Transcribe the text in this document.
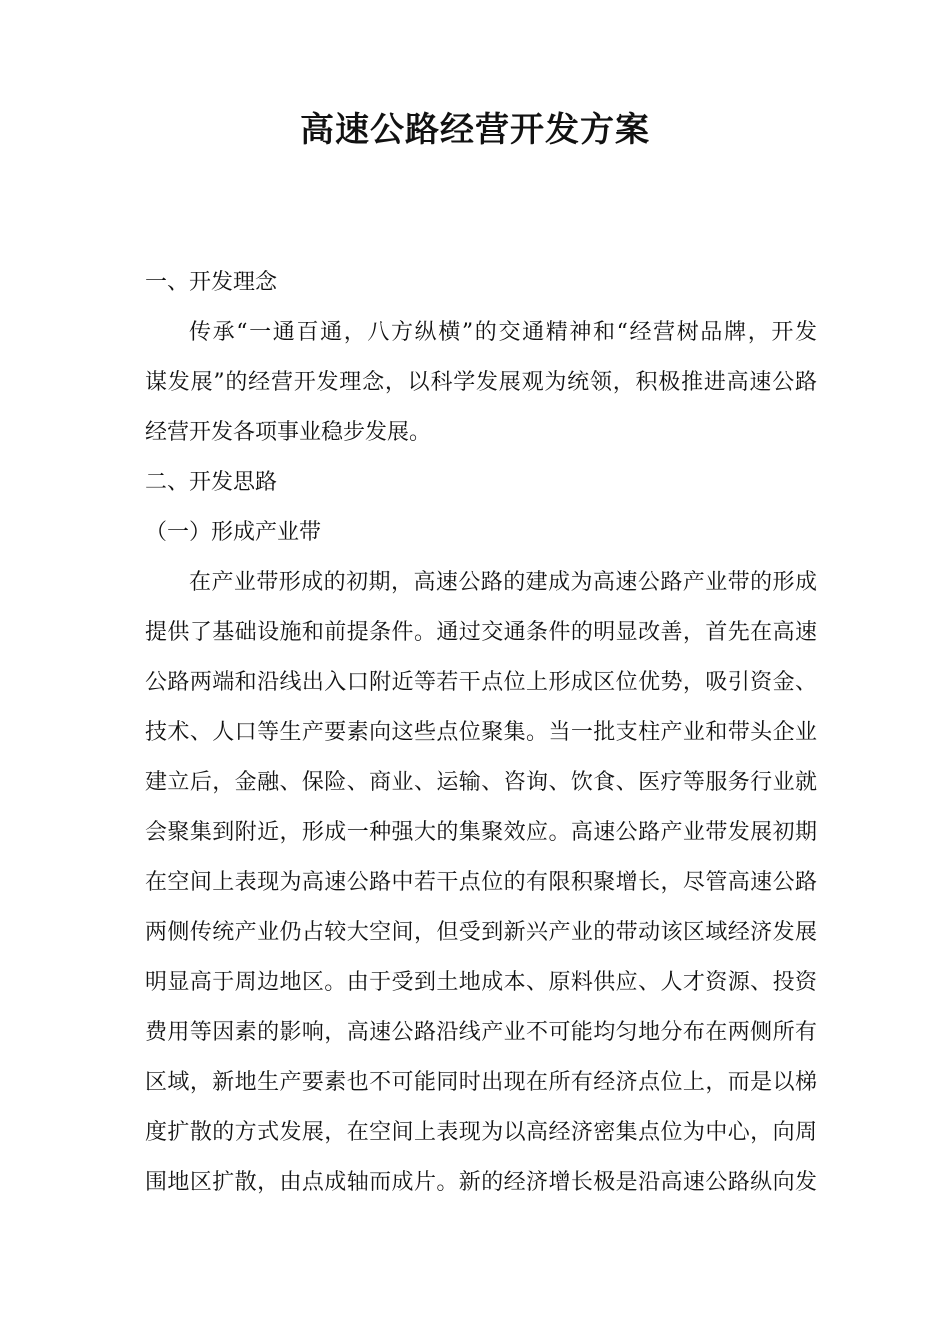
高速公路经营开发方案

一、开发理念

传承“一通百通，八方纵横”的交通精神和“经营树品牌，开发

谋发展”的经营开发理念，以科学发展观为统领，积极推进高速公路

经营开发各项事业稳步发展。

二、开发思路

（一）形成产业带

在产业带形成的初期，高速公路的建成为高速公路产业带的形成

提供了基础设施和前提条件。通过交通条件的明显改善，首先在高速

公路两端和沿线出入口附近等若干点位上形成区位优势，吸引资金、

技术、人口等生产要素向这些点位聚集。当一批支柱产业和带头企业

建立后，金融、保险、商业、运输、咨询、饮食、医疗等服务行业就

会聚集到附近，形成一种强大的集聚效应。高速公路产业带发展初期

在空间上表现为高速公路中若干点位的有限积聚增长，尽管高速公路

两侧传统产业仍占较大空间，但受到新兴产业的带动该区域经济发展

明显高于周边地区。由于受到土地成本、原料供应、人才资源、投资

费用等因素的影响，高速公路沿线产业不可能均匀地分布在两侧所有

区域，新地生产要素也不可能同时出现在所有经济点位上，而是以梯

度扩散的方式发展，在空间上表现为以高经济密集点位为中心，向周

围地区扩散，由点成轴而成片。新的经济增长极是沿高速公路纵向发
